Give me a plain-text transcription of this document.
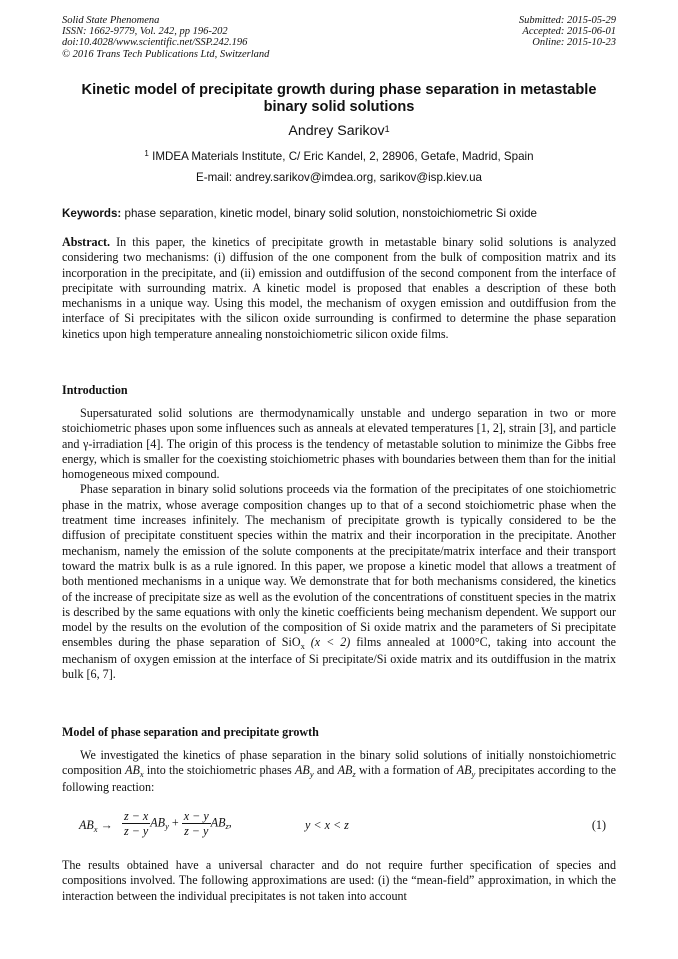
Solid State Phenomena
ISSN: 1662-9779, Vol. 242, pp 196-202
doi:10.4028/www.scientific.net/SSP.242.196
© 2016 Trans Tech Publications Ltd, Switzerland
Submitted: 2015-05-29
Accepted: 2015-06-01
Online: 2015-10-23
Kinetic model of precipitate growth during phase separation in metastable binary solid solutions
Andrey Sarikov$^1$
$^1$ IMDEA Materials Institute, C/ Eric Kandel, 2, 28906, Getafe, Madrid, Spain
E-mail: andrey.sarikov@imdea.org, sarikov@isp.kiev.ua
Keywords: phase separation, kinetic model, binary solid solution, nonstoichiometric Si oxide
Abstract. In this paper, the kinetics of precipitate growth in metastable binary solid solutions is analyzed considering two mechanisms: (i) diffusion of the one component from the bulk of composition matrix and its incorporation in the precipitate, and (ii) emission and outdiffusion of the second component from the interface of precipitate with surrounding matrix. A kinetic model is proposed that enables a description of these both mechanisms in a unique way. Using this model, the mechanism of oxygen emission and outdiffusion from the interface of Si precipitates with the silicon oxide surrounding is confirmed to determine the phase separation kinetics upon high temperature annealing nonstoichiometric silicon oxide films.
Introduction

Supersaturated solid solutions are thermodynamically unstable and undergo separation in two or more stoichiometric phases upon some influences such as anneals at elevated temperatures [1, 2], strain [3], and particle and γ-irradiation [4]. The origin of this process is the tendency of metastable solution to minimize the Gibbs free energy, which is smaller for the coexisting stoichiometric phases with boundaries between them than for the initial homogeneous mixed compound.

Phase separation in binary solid solutions proceeds via the formation of the precipitates of one stoichiometric phase in the matrix, whose average composition changes up to that of a second stoichiometric phase when the treatment time increases infinitely. The mechanism of precipitate growth is typically considered to be the diffusion of precipitate constituent species within the matrix and their incorporation in the precipitate. Another mechanism, namely the emission of the solute components at the precipitate/matrix interface and their transport toward the matrix bulk is as a rule ignored. In this paper, we propose a kinetic model that allows a treatment of both mentioned mechanisms in a unique way. We demonstrate that for both mechanisms considered, the kinetics of the increase of precipitate size as well as the evolution of the concentrations of constituent species in the matrix is described by the same equations with only the kinetic coefficients being mechanism dependent. We support our model by the results on the evolution of the composition of Si oxide matrix and the parameters of Si precipitate ensembles during the phase separation of SiO$_x$ (x < 2) films annealed at 1000°C, taking into account the mechanism of oxygen emission at the interface of Si precipitate/Si oxide matrix and its outdiffusion in the matrix bulk [6, 7].

Model of phase separation and precipitate growth

We investigated the kinetics of phase separation in the binary solid solutions of initially nonstoichiometric composition $AB_x$ into the stoichiometric phases $AB_y$ and $AB_z$ with a formation of $AB_y$ precipitates according to the following reaction:

$AB_x \to \frac{z - x}{z - y} AB_y + \frac{x - y}{z - y} AB_z$,	y < x < z	(1)
The results obtained have a universal character and do not require further specification of species and compositions involved. The following approximations are used: (i) the “mean-field” approximation, in which the interaction between the individual precipitates is not taken into account
